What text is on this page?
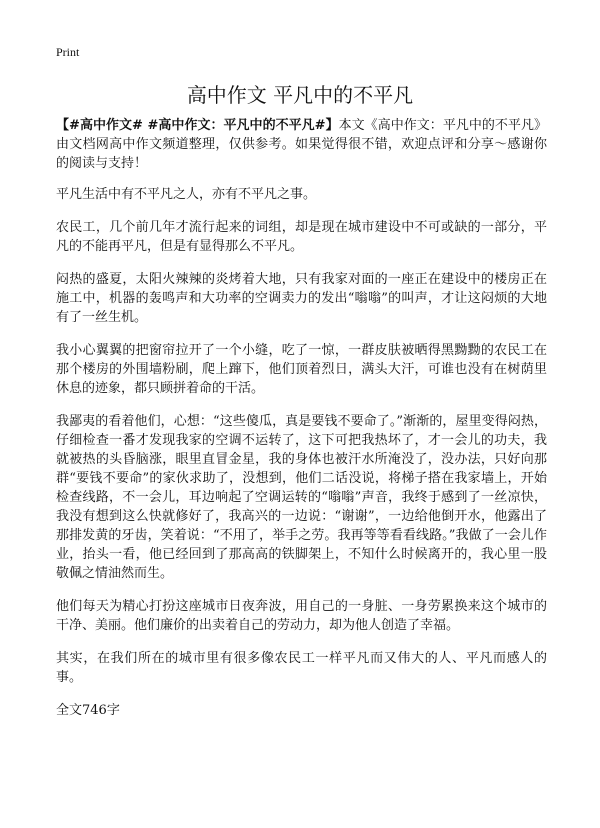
Print
高中作文 平凡中的不平凡

【#高中作文# #高中作文：平凡中的不平凡#】本文《高中作文：平凡中的不平凡》由文档网高中作文频道整理，仅供参考。如果觉得很不错，欢迎点评和分享～感谢你的阅读与支持！

平凡生活中有不平凡之人，亦有不平凡之事。

农民工，几个前几年才流行起来的词组，却是现在城市建设中不可或缺的一部分，平凡的不能再平凡，但是有显得那么不平凡。

闷热的盛夏，太阳火辣辣的炎烤着大地，只有我家对面的一座正在建设中的楼房正在施工中，机器的轰鸣声和大功率的空调卖力的发出“嗡嗡”的叫声，才让这闷烦的大地有了一丝生机。

我小心翼翼的把窗帘拉开了一个小缝，吃了一惊，一群皮肤被晒得黑黝黝的农民工在那个楼房的外围墙粉刷，爬上蹿下，他们顶着烈日，满头大汗，可谁也没有在树荫里休息的迹象，都只顾拼着命的干活。

我鄙夷的看着他们，心想：“这些傻瓜，真是要钱不要命了。”渐渐的，屋里变得闷热，仔细检查一番才发现我家的空调不运转了，这下可把我热坏了，才一会儿的功夫，我就被热的头昏脑涨，眼里直冒金星，我的身体也被汗水所淹没了，没办法，只好向那群“要钱不要命”的家伙求助了，没想到，他们二话没说，将梯子搭在我家墙上，开始检查线路，不一会儿，耳边响起了空调运转的“嗡嗡”声音，我终于感到了一丝凉快，我没有想到这么快就修好了，我高兴的一边说：“谢谢”，一边给他倒开水，他露出了那排发黄的牙齿，笑着说：“不用了，举手之劳。我再等等看看线路。”我做了一会儿作业，抬头一看，他已经回到了那高高的铁脚架上，不知什么时候离开的，我心里一股敬佩之情油然而生。

他们每天为精心打扮这座城市日夜奔波，用自己的一身脏、一身劳累换来这个城市的干净、美丽。他们廉价的出卖着自己的劳动力，却为他人创造了幸福。

其实，在我们所在的城市里有很多像农民工一样平凡而又伟大的人、平凡而感人的事。

全文746字
